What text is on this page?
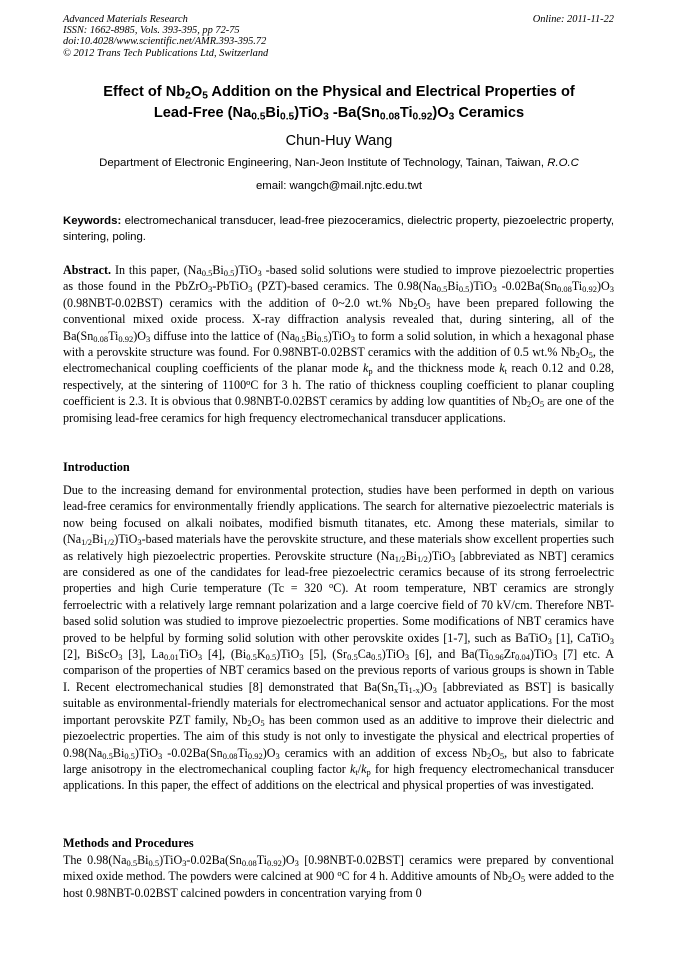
Advanced Materials Research
ISSN: 1662-8985, Vols. 393-395, pp 72-75
doi:10.4028/www.scientific.net/AMR.393-395.72
© 2012 Trans Tech Publications Ltd, Switzerland
Online: 2011-11-22
Effect of $Nb_2O_5$ Addition on the Physical and Electrical Properties of
Lead-Free $(Na_{0.5}Bi_{0.5})TiO_3$ $-Ba(Sn_{0.08}Ti_{0.92})O_3$ Ceramics
Chun-Huy Wang
Department of Electronic Engineering, Nan-Jeon Institute of Technology, Tainan, Taiwan, R.O.C
email: wangch@mail.njtc.edu.twt
Keywords: electromechanical transducer, lead-free piezoceramics, dielectric property, piezoelectric property, sintering, poling.
Abstract. In this paper, $(Na_{0.5}Bi_{0.5})TiO_3$ -based solid solutions were studied to improve piezoelectric properties as those found in the PbZrO$_3$-PbTiO$_3$ (PZT)-based ceramics. The $0.98(Na_{0.5}Bi_{0.5})TiO_3$ $-0.02Ba(Sn_{0.08}Ti_{0.92})O_3$ (0.98NBT-0.02BST) ceramics with the addition of 0~2.0 wt.% $Nb_2O_5$ have been prepared following the conventional mixed oxide process. X-ray diffraction analysis revealed that, during sintering, all of the $Ba(Sn_{0.08}Ti_{0.92})O_3$ diffuse into the lattice of $(Na_{0.5}Bi_{0.5})TiO_3$ to form a solid solution, in which a hexagonal phase with a perovskite structure was found. For 0.98NBT-0.02BST ceramics with the addition of 0.5 wt.% $Nb_2O_5$, the electromechanical coupling coefficients of the planar mode $k_p$ and the thickness mode $k_t$ reach 0.12 and 0.28, respectively, at the sintering of 1100$^o$C for 3 h. The ratio of thickness coupling coefficient to planar coupling coefficient is 2.3. It is obvious that 0.98NBT-0.02BST ceramics by adding low quantities of $Nb_2O_5$ are one of the promising lead-free ceramics for high frequency electromechanical transducer applications.
Introduction
Due to the increasing demand for environmental protection, studies have been performed in depth on various lead-free ceramics for environmentally friendly applications. The search for alternative piezoelectric materials is now being focused on alkali noibates, modified bismuth titanates, etc. Among these materials, similar to $(Na_{1/2}Bi_{1/2})TiO_3$-based materials have the perovskite structure, and these materials show excellent properties such as relatively high piezoelectric properties. Perovskite structure $(Na_{1/2}Bi_{1/2})TiO_3$ [abbreviated as NBT] ceramics are considered as one of the candidates for lead-free piezoelectric ceramics because of its strong ferroelectric properties and high Curie temperature (Tc = 320 $^o$C). At room temperature, NBT ceramics are strongly ferroelectric with a relatively large remnant polarization and a large coercive field of 70 kV/cm. Therefore NBT-based solid solution was studied to improve piezoelectric properties. Some modifications of NBT ceramics have proved to be helpful by forming solid solution with other perovskite oxides [1-7], such as BaTiO$_3$ [1], CaTiO$_3$ [2], BiScO$_3$ [3], $La_{0.01}TiO_3$ [4], $(Bi_{0.5}K_{0.5})TiO_3$ [5], $(Sr_{0.5}Ca_{0.5})TiO_3$ [6], and $Ba(Ti_{0.96}Zr_{0.04})TiO_3$ [7] etc. A comparison of the properties of NBT ceramics based on the previous reports of various groups is shown in Table I. Recent electromechanical studies [8] demonstrated that $Ba(Sn_xTi_{1-x})O_3$ [abbreviated as BST] is basically suitable as environmental-friendly materials for electromechanical sensor and actuator applications. For the most important perovskite PZT family, $Nb_2O_5$ has been common used as an additive to improve their dielectric and piezoelectric properties. The aim of this study is not only to investigate the physical and electrical properties of $0.98(Na_{0.5}Bi_{0.5})TiO_3$ $-0.02Ba(Sn_{0.08}Ti_{0.92})O_3$ ceramics with an addition of excess $Nb_2O_5$, but also to fabricate large anisotropy in the electromechanical coupling factor $k_t/k_p$ for high frequency electromechanical transducer applications. In this paper, the effect of additions on the electrical and physical properties of was investigated.
Methods and Procedures
The $0.98(Na_{0.5}Bi_{0.5})TiO_3-0.02Ba(Sn_{0.08}Ti_{0.92})O_3$ [0.98NBT-0.02BST] ceramics were prepared by conventional mixed oxide method. The powders were calcined at 900 $^o$C for 4 h. Additive amounts of $Nb_2O_5$ were added to the host 0.98NBT-0.02BST calcined powders in concentration varying from 0
